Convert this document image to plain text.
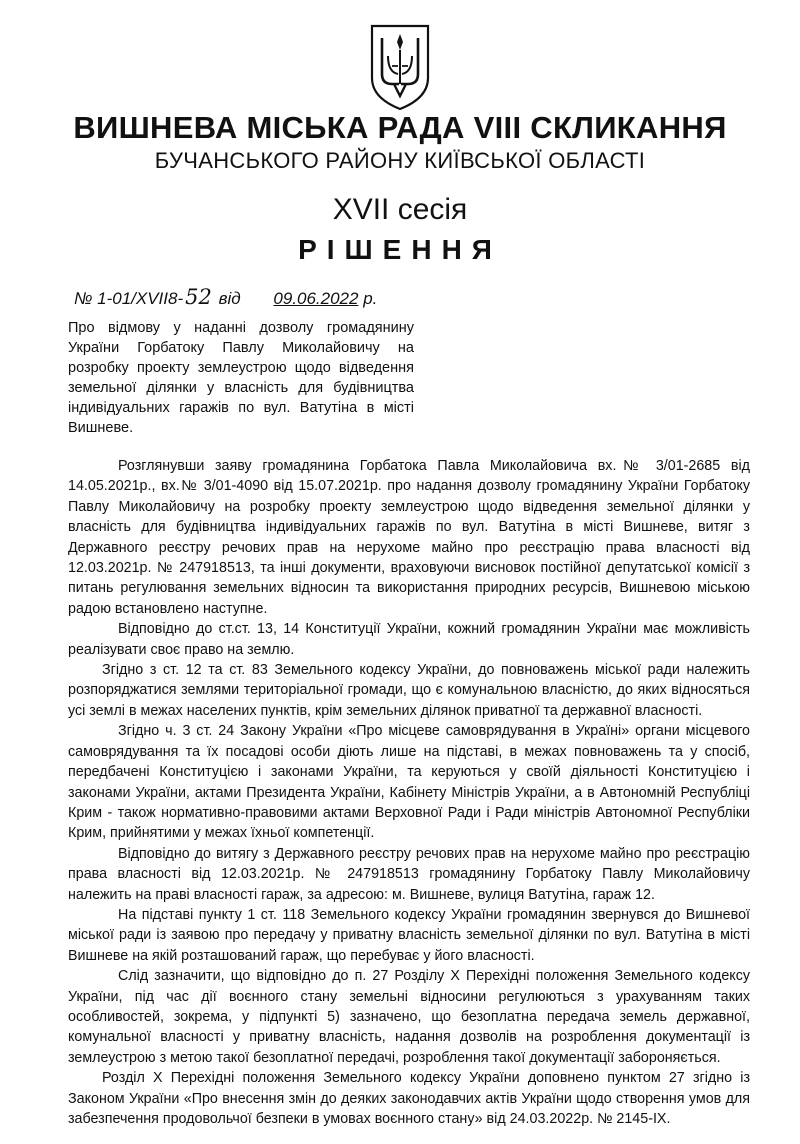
ВИШНЕВА МІСЬКА РАДА VIII СКЛИКАННЯ
БУЧАНСЬКОГО РАЙОНУ КИЇВСЬКОЇ ОБЛАСТІ
XVII сесія
РІШЕННЯ
№ 1-01/XVII8-52 від 09.06.2022 р.
Про відмову у наданні дозволу громадянину України Горбатоку Павлу Миколайовичу на розробку проекту землеустрою щодо відведення земельної ділянки у власність для будівництва індивідуальних гаражів по вул. Ватутіна в місті Вишневе.

Розглянувши заяву громадянина Горбатока Павла Миколайовича вх.№ 3/01-2685 від 14.05.2021р., вх.№ 3/01-4090 від 15.07.2021р. про надання дозволу громадянину України Горбатоку Павлу Миколайовичу на розробку проекту землеустрою щодо відведення земельної ділянки у власність для будівництва індивідуальних гаражів по вул. Ватутіна в місті Вишневе, витяг з Державного реєстру речових прав на нерухоме майно про реєстрацію права власності від 12.03.2021р. № 247918513, та інші документи, враховуючи висновок постійної депутатської комісії з питань регулювання земельних відносин та використання природних ресурсів, Вишневою міською радою встановлено наступне.

Відповідно до ст.ст. 13, 14 Конституції України, кожний громадянин України має можливість реалізувати своє право на землю.

Згідно з ст. 12 та ст. 83 Земельного кодексу України, до повноважень міської ради належить розпоряджатися землями територіальної громади, що є комунальною власністю, до яких відносяться усі землі в межах населених пунктів, крім земельних ділянок приватної та державної власності.

Згідно ч. 3 ст. 24 Закону України «Про місцеве самоврядування в Україні» органи місцевого самоврядування та їх посадові особи діють лише на підставі, в межах повноважень та у спосіб, передбачені Конституцією і законами України, та керуються у своїй діяльності Конституцією і законами України, актами Президента України, Кабінету Міністрів України, а в Автономній Республіці Крим - також нормативно-правовими актами Верховної Ради і Ради міністрів Автономної Республіки Крим, прийнятими у межах їхньої компетенції.

Відповідно до витягу з Державного реєстру речових прав на нерухоме майно про реєстрацію права власності від 12.03.2021р. № 247918513 громадянину Горбатоку Павлу Миколайовичу належить на праві власності гараж, за адресою: м. Вишневе, вулиця Ватутіна, гараж 12.

На підставі пункту 1 ст. 118 Земельного кодексу України громадянин звернувся до Вишневої міської ради із заявою про передачу у приватну власність земельної ділянки по вул. Ватутіна в місті Вишневе на якій розташований гараж, що перебуває у його власності.

Слід зазначити, що відповідно до п. 27 Розділу X Перехідні положення Земельного кодексу України, під час дії воєнного стану земельні відносини регулюються з урахуванням таких особливостей, зокрема, у підпункті 5) зазначено, що безоплатна передача земель державної, комунальної власності у приватну власність, надання дозволів на розроблення документації із землеустрою з метою такої безоплатної передачі, розроблення такої документації забороняється.

Розділ X Перехідні положення Земельного кодексу України доповнено пунктом 27 згідно із Законом України «Про внесення змін до деяких законодавчих актів України щодо створення умов для забезпечення продовольчої безпеки в умовах воєнного стану» від 24.03.2022р. № 2145-IX.
